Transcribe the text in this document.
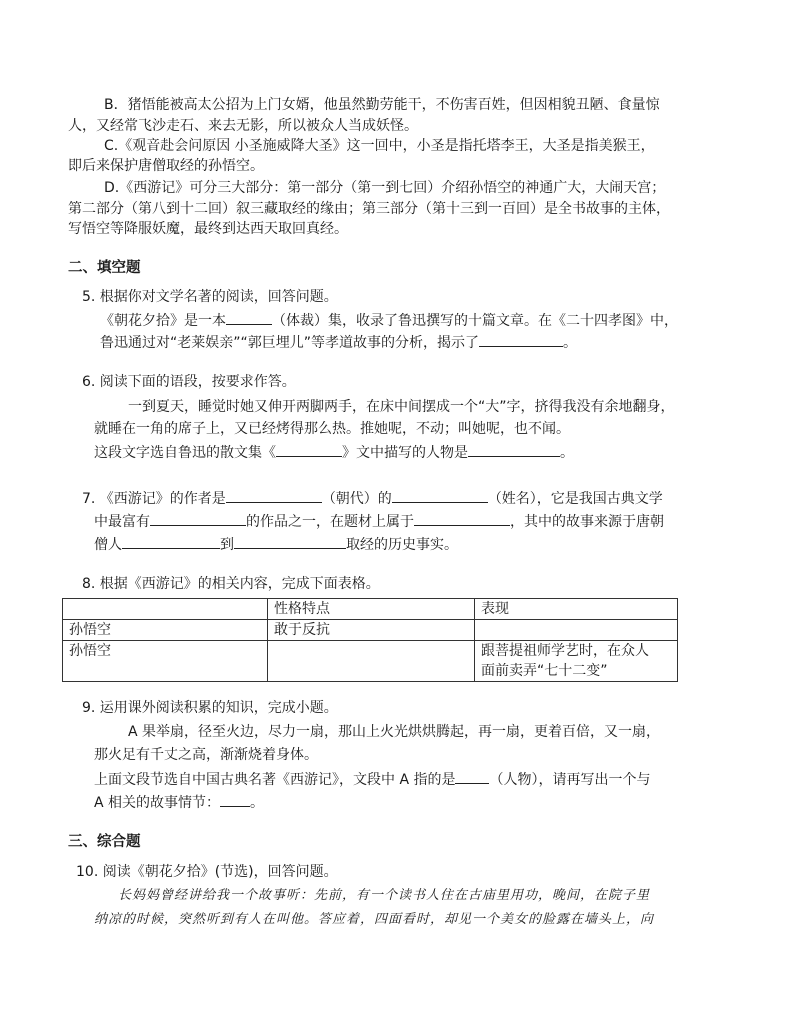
B．猪悟能被高太公招为上门女婿，他虽然勤劳能干，不伤害百姓，但因相貌丑陋、食量惊
人，又经常飞沙走石、来去无影，所以被众人当成妖怪。
C.《观音赴会问原因 小圣施威降大圣》这一回中，小圣是指托塔李王，大圣是指美猴王，
即后来保护唐僧取经的孙悟空。
D.《西游记》可分三大部分：第一部分（第一到七回）介绍孙悟空的神通广大，大闹天宫；
第二部分（第八到十二回）叙三藏取经的缘由；第三部分（第十三到一百回）是全书故事的主体，
写悟空等降服妖魔，最终到达西天取回真经。
二、填空题
5. 根据你对文学名著的阅读，回答问题。
《朝花夕拾》是一本	（体裁）集，收录了鲁迅撰写的十篇文章。在《二十四孝图》中，
鲁迅通过对“老莱娱亲”“郭巨埋儿”等孝道故事的分析，揭示了	。
6. 阅读下面的语段，按要求作答。
一到夏天，睡觉时她又伸开两脚两手，在床中间摆成一个“大”字，挤得我没有余地翻身，
就睡在一角的席子上，又已经烤得那么热。推她呢，不动；叫她呢，也不闻。
这段文字选自鲁迅的散文集《	》文中描写的人物是	。
7. 《西游记》的作者是	（朝代）的	（姓名），它是我国古典文学
中最富有	的作品之一，在题材上属于	，其中的故事来源于唐朝
僧人	到	取经的历史事实。
8. 根据《西游记》的相关内容，完成下面表格。
	性格特点	表现
孙悟空	敢于反抗	
孙悟空		跟菩提祖师学艺时，在众人
面前卖弄“七十二变”
9. 运用课外阅读积累的知识，完成小题。
A 果举扇，径至火边，尽力一扇，那山上火光烘烘腾起，再一扇，更着百倍，又一扇，
那火足有千丈之高，渐渐烧着身体。
上面文段节选自中国古典名著《西游记》，文段中 A 指的是 （人物），请再写出一个与
A 相关的故事情节： 。
三、综合题
10. 阅读《朝花夕拾》(节选)，回答问题。
长妈妈曾经讲给我一个故事听：先前，有一个读书人住在古庙里用功，晚间，在院子里
纳凉的时候，突然听到有人在叫他。答应着，四面看时，却见一个美女的脸露在墙头上，向
